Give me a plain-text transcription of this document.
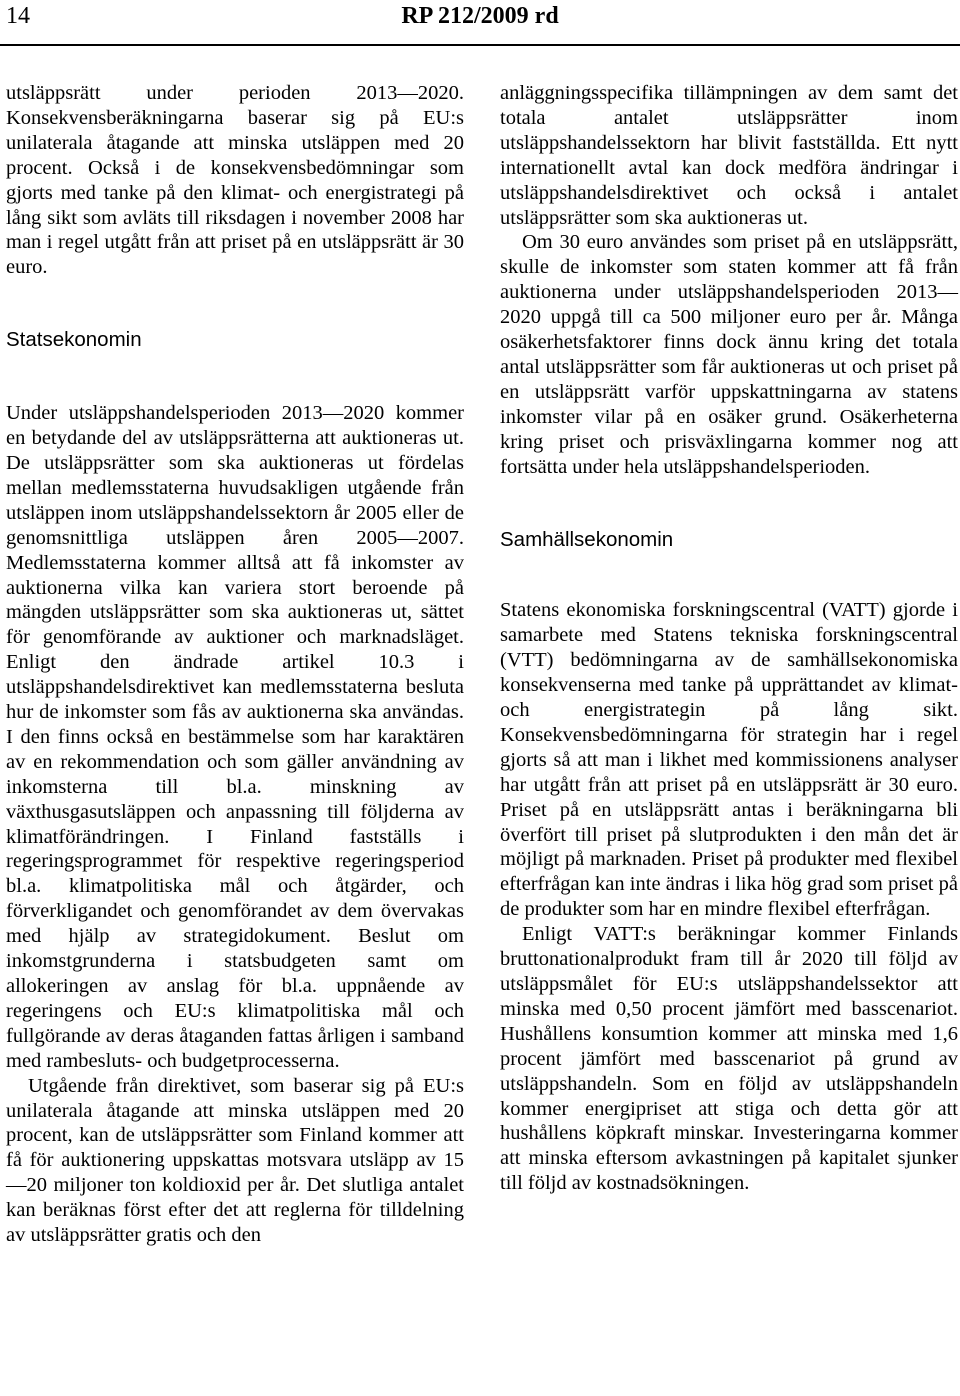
14	RP 212/2009 rd

utsläppsrätt under perioden 2013—2020. Konsekvensberäkningarna baserar sig på EU:s unilaterala åtagande att minska utsläppen med 20 procent. Också i de konsekvensbedömningar som gjorts med tanke på den klimat- och energistrategi på lång sikt som avläts till riksdagen i november 2008 har man i regel utgått från att priset på en utsläppsrätt är 30 euro.

Statsekonomin

Under utsläppshandelsperioden 2013—2020 kommer en betydande del av utsläppsrätterna att auktioneras ut. De utsläppsrätter som ska auktioneras ut fördelas mellan medlemsstaterna huvudsakligen utgående från utsläppen inom utsläppshandelssektorn år 2005 eller de genomsnittliga utsläppen åren 2005—2007. Medlemsstaterna kommer alltså att få inkomster av auktionerna vilka kan variera stort beroende på mängden utsläppsrätter som ska auktioneras ut, sättet för genomförande av auktioner och marknadsläget. Enligt den ändrade artikel 10.3 i utsläppshandelsdirektivet kan medlemsstaterna besluta hur de inkomster som fås av auktionerna ska användas. I den finns också en bestämmelse som har karaktären av en rekommendation och som gäller användning av inkomsterna till bl.a. minskning av växthusgasutsläppen och anpassning till följderna av klimatförändringen. I Finland fastställs i regeringsprogrammet för respektive regeringsperiod bl.a. klimatpolitiska mål och åtgärder, och förverkligandet och genomförandet av dem övervakas med hjälp av strategidokument. Beslut om inkomstgrunderna i statsbudgeten samt om allokeringen av anslag för bl.a. uppnående av regeringens och EU:s klimatpolitiska mål och fullgörande av deras åtaganden fattas årligen i samband med rambesluts- och budgetprocesserna.

Utgående från direktivet, som baserar sig på EU:s unilaterala åtagande att minska utsläppen med 20 procent, kan de utsläppsrätter som Finland kommer att få för auktionering uppskattas motsvara utsläpp av 15—20 miljoner ton koldioxid per år. Det slutliga antalet kan beräknas först efter det att reglerna för tilldelning av utsläppsrätter gratis och den

anläggningsspecifika tillämpningen av dem samt det totala antalet utsläppsrätter inom utsläppshandelssektorn har blivit fastställda. Ett nytt internationellt avtal kan dock medföra ändringar i utsläppshandelsdirektivet och också i antalet utsläppsrätter som ska auktioneras ut.

Om 30 euro användes som priset på en utsläppsrätt, skulle de inkomster som staten kommer att få från auktionerna under utsläppshandelsperioden 2013—2020 uppgå till ca 500 miljoner euro per år. Många osäkerhetsfaktorer finns dock ännu kring det totala antal utsläppsrätter som får auktioneras ut och priset på en utsläppsrätt varför uppskattningarna av statens inkomster vilar på en osäker grund. Osäkerheterna kring priset och prisväxlingarna kommer nog att fortsätta under hela utsläppshandelsperioden.

Samhällsekonomin

Statens ekonomiska forskningscentral (VATT) gjorde i samarbete med Statens tekniska forskningscentral (VTT) bedömningarna av de samhällsekonomiska konsekvenserna med tanke på upprättandet av klimat- och energistrategin på lång sikt. Konsekvensbedömningarna för strategin har i regel gjorts så att man i likhet med kommissionens analyser har utgått från att priset på en utsläppsrätt är 30 euro. Priset på en utsläppsrätt antas i beräkningarna bli överfört till priset på slutprodukten i den mån det är möjligt på marknaden. Priset på produkter med flexibel efterfrågan kan inte ändras i lika hög grad som priset på de produkter som har en mindre flexibel efterfrågan.

Enligt VATT:s beräkningar kommer Finlands bruttonationalprodukt fram till år 2020 till följd av utsläppsmålet för EU:s utsläppshandelssektor att minska med 0,50 procent jämfört med basscenariot. Hushållens konsumtion kommer att minska med 1,6 procent jämfört med basscenariot på grund av utsläppshandeln. Som en följd av utsläppshandeln kommer energipriset att stiga och detta gör att hushållens köpkraft minskar. Investeringarna kommer att minska eftersom avkastningen på kapitalet sjunker till följd av kostnadsökningen.
